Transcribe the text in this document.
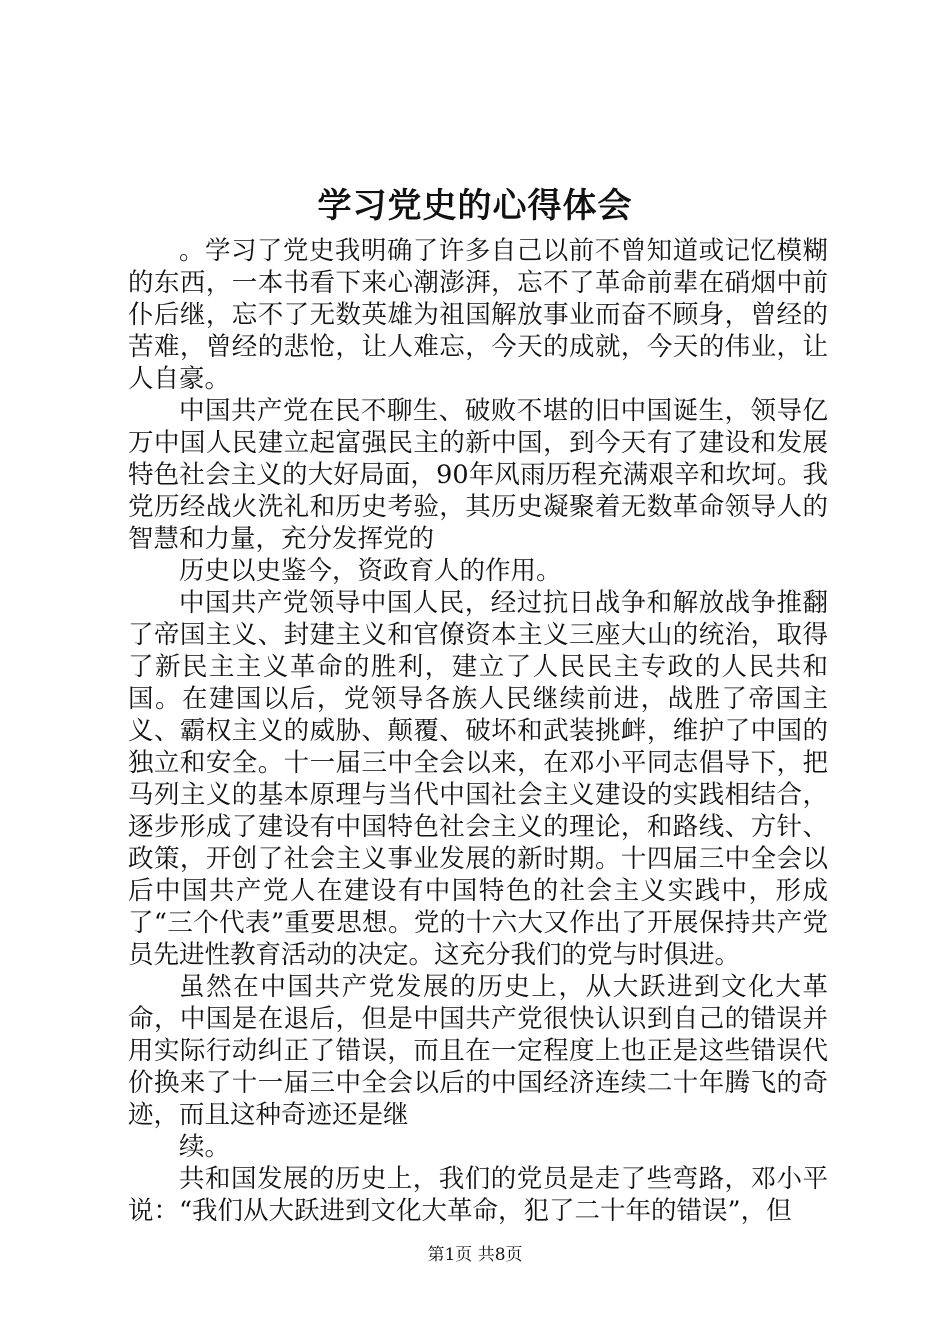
学习党史的心得体会

。学习了党史我明确了许多自己以前不曾知道或记忆模糊的东西，一本书看下来心潮澎湃，忘不了革命前辈在硝烟中前仆后继，忘不了无数英雄为祖国解放事业而奋不顾身，曾经的苦难，曾经的悲怆，让人难忘，今天的成就，今天的伟业，让人自豪。

中国共产党在民不聊生、破败不堪的旧中国诞生，领导亿万中国人民建立起富强民主的新中国，到今天有了建设和发展特色社会主义的大好局面，90年风雨历程充满艰辛和坎坷。我党历经战火洗礼和历史考验，其历史凝聚着无数革命领导人的智慧和力量，充分发挥党的

历史以史鉴今，资政育人的作用。

中国共产党领导中国人民，经过抗日战争和解放战争推翻了帝国主义、封建主义和官僚资本主义三座大山的统治，取得了新民主主义革命的胜利，建立了人民民主专政的人民共和国。在建国以后，党领导各族人民继续前进，战胜了帝国主义、霸权主义的威胁、颠覆、破坏和武装挑衅，维护了中国的独立和安全。十一届三中全会以来，在邓小平同志倡导下，把马列主义的基本原理与当代中国社会主义建设的实践相结合，逐步形成了建设有中国特色社会主义的理论，和路线、方针、政策，开创了社会主义事业发展的新时期。十四届三中全会以后中国共产党人在建设有中国特色的社会主义实践中，形成了“三个代表”重要思想。党的十六大又作出了开展保持共产党员先进性教育活动的决定。这充分我们的党与时俱进。

虽然在中国共产党发展的历史上，从大跃进到文化大革命，中国是在退后，但是中国共产党很快认识到自己的错误并用实际行动纠正了错误，而且在一定程度上也正是这些错误代价换来了十一届三中全会以后的中国经济连续二十年腾飞的奇迹，而且这种奇迹还是继

续。

共和国发展的历史上，我们的党员是走了些弯路，邓小平说：“我们从大跃进到文化大革命，犯了二十年的错误”，但

第1页 共8页
